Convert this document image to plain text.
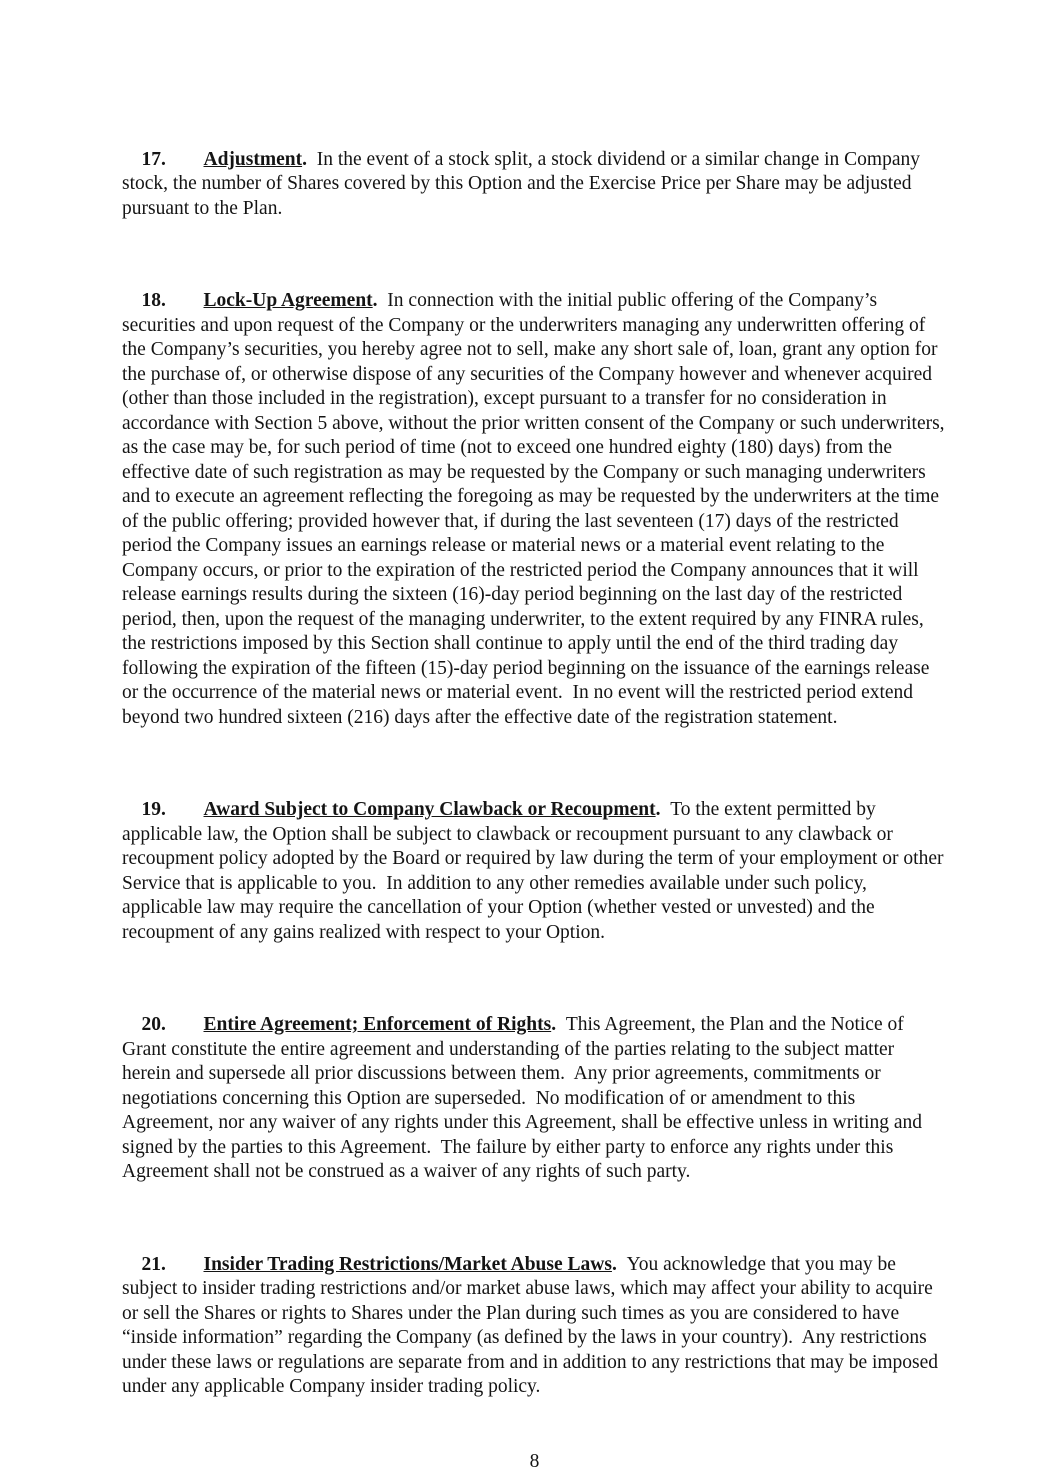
17. Adjustment.  In the event of a stock split, a stock dividend or a similar change in Company stock, the number of Shares covered by this Option and the Exercise Price per Share may be adjusted pursuant to the Plan.

18. Lock-Up Agreement.  In connection with the initial public offering of the Company’s securities and upon request of the Company or the underwriters managing any underwritten offering of the Company’s securities, you hereby agree not to sell, make any short sale of, loan, grant any option for the purchase of, or otherwise dispose of any securities of the Company however and whenever acquired (other than those included in the registration), except pursuant to a transfer for no consideration in accordance with Section 5 above, without the prior written consent of the Company or such underwriters, as the case may be, for such period of time (not to exceed one hundred eighty (180) days) from the effective date of such registration as may be requested by the Company or such managing underwriters and to execute an agreement reflecting the foregoing as may be requested by the underwriters at the time of the public offering; provided however that, if during the last seventeen (17) days of the restricted period the Company issues an earnings release or material news or a material event relating to the Company occurs, or prior to the expiration of the restricted period the Company announces that it will release earnings results during the sixteen (16)-day period beginning on the last day of the restricted period, then, upon the request of the managing underwriter, to the extent required by any FINRA rules, the restrictions imposed by this Section shall continue to apply until the end of the third trading day following the expiration of the fifteen (15)-day period beginning on the issuance of the earnings release or the occurrence of the material news or material event.  In no event will the restricted period extend beyond two hundred sixteen (216) days after the effective date of the registration statement.

19. Award Subject to Company Clawback or Recoupment.  To the extent permitted by applicable law, the Option shall be subject to clawback or recoupment pursuant to any clawback or recoupment policy adopted by the Board or required by law during the term of your employment or other Service that is applicable to you.  In addition to any other remedies available under such policy, applicable law may require the cancellation of your Option (whether vested or unvested) and the recoupment of any gains realized with respect to your Option.

20. Entire Agreement; Enforcement of Rights.  This Agreement, the Plan and the Notice of Grant constitute the entire agreement and understanding of the parties relating to the subject matter herein and supersede all prior discussions between them.  Any prior agreements, commitments or negotiations concerning this Option are superseded.  No modification of or amendment to this Agreement, nor any waiver of any rights under this Agreement, shall be effective unless in writing and signed by the parties to this Agreement.  The failure by either party to enforce any rights under this Agreement shall not be construed as a waiver of any rights of such party.

21. Insider Trading Restrictions/Market Abuse Laws.  You acknowledge that you may be subject to insider trading restrictions and/or market abuse laws, which may affect your ability to acquire or sell the Shares or rights to Shares under the Plan during such times as you are considered to have “inside information” regarding the Company (as defined by the laws in your country).  Any restrictions under these laws or regulations are separate from and in addition to any restrictions that may be imposed under any applicable Company insider trading policy.

8
